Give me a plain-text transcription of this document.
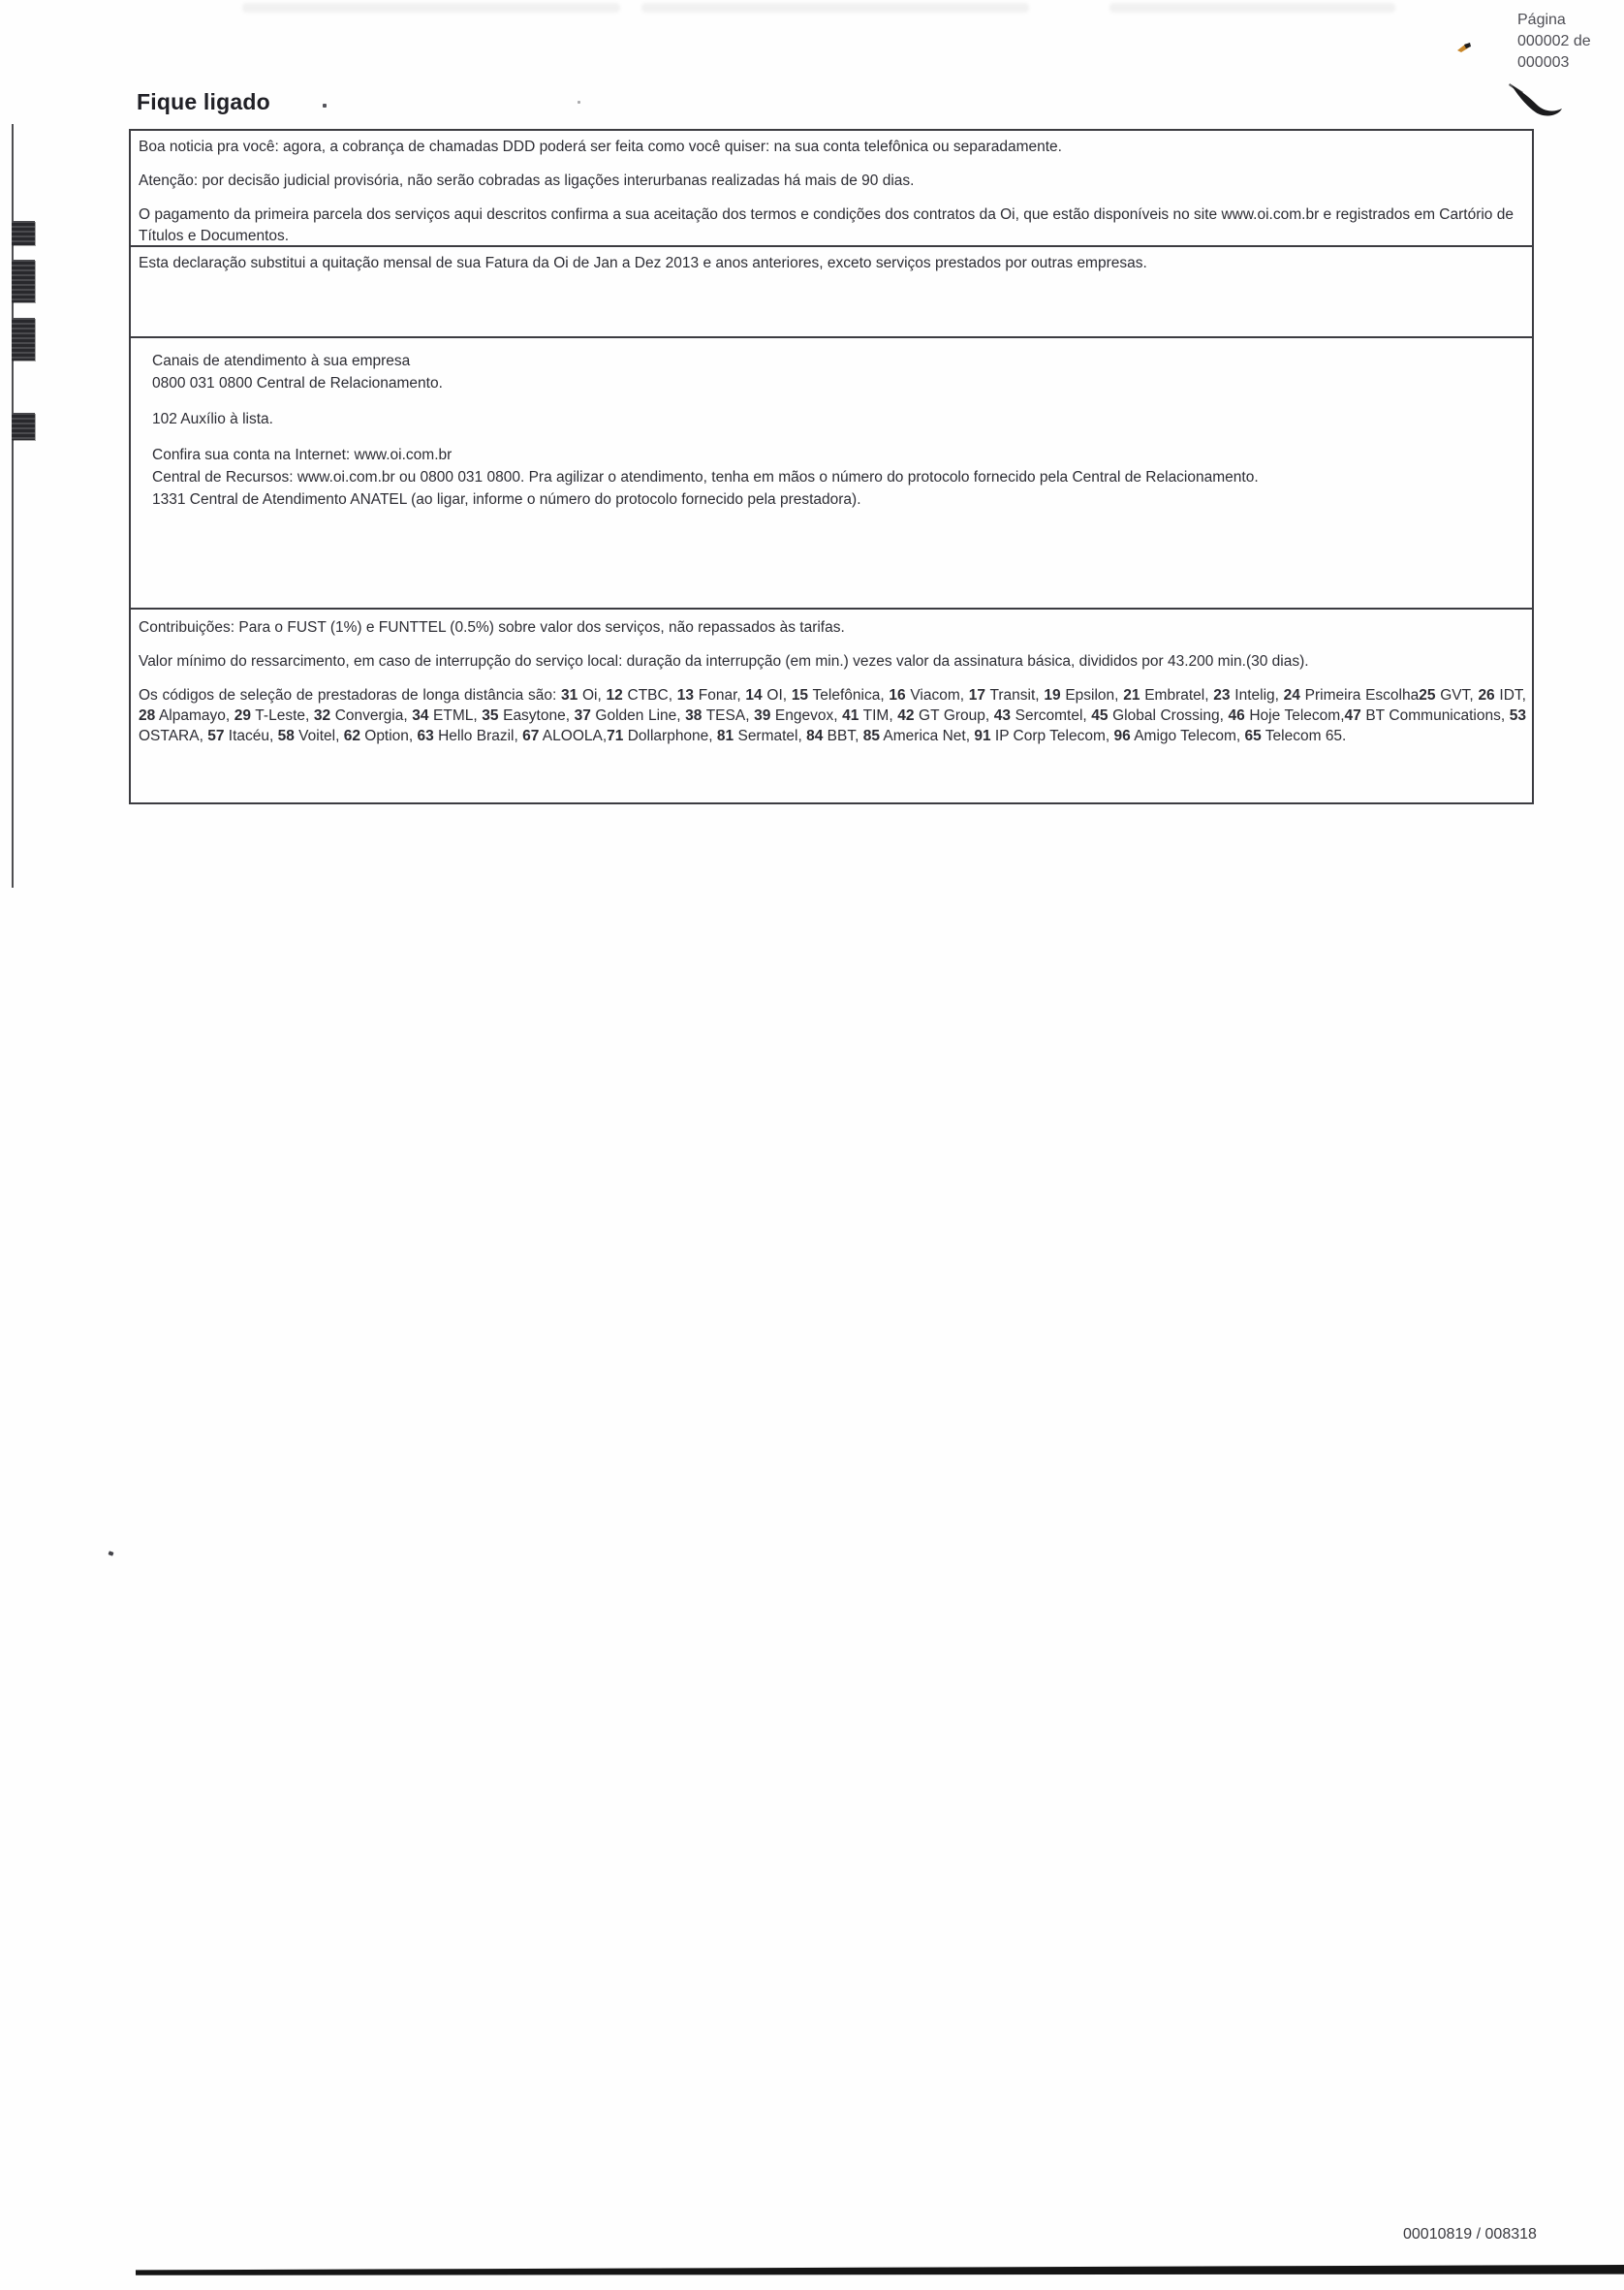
Página

000002 de

000003

Fique ligado

Boa noticia pra você: agora, a cobrança de chamadas DDD poderá ser feita como você quiser: na sua conta telefônica ou separadamente.

Atenção: por decisão judicial provisória, não serão cobradas as ligações interurbanas realizadas há mais de 90 dias.

O pagamento da primeira parcela dos serviços aqui descritos confirma a sua aceitação dos termos e condições dos contratos da Oi, que estão disponíveis no site www.oi.com.br e registrados em Cartório de Títulos e Documentos.

Esta declaração substitui a quitação mensal de sua Fatura da Oi de Jan a Dez 2013 e anos anteriores, exceto serviços prestados por outras empresas.

Canais de atendimento à sua empresa

0800 031 0800 Central de Relacionamento.

102 Auxílio à lista.

Confira sua conta na Internet: www.oi.com.br

Central de Recursos: www.oi.com.br ou 0800 031 0800. Pra agilizar o atendimento, tenha em mãos o número do protocolo fornecido pela Central de Relacionamento.

1331 Central de Atendimento ANATEL (ao ligar, informe o número do protocolo fornecido pela prestadora).

Contribuições: Para o FUST (1%) e FUNTTEL (0.5%) sobre valor dos serviços, não repassados às tarifas.

Valor mínimo do ressarcimento, em caso de interrupção do serviço local: duração da interrupção (em min.) vezes valor da assinatura básica, divididos por 43.200 min.(30 dias).

Os códigos de seleção de prestadoras de longa distância são: 31 Oi, 12 CTBC, 13 Fonar, 14 OI, 15 Telefônica, 16 Viacom, 17 Transit, 19 Epsilon, 21 Embratel, 23 Intelig, 24 Primeira Escolha25 GVT, 26 IDT, 28 Alpamayo, 29 T-Leste, 32 Convergia, 34 ETML, 35 Easytone, 37 Golden Line, 38 TESA, 39 Engevox, 41 TIM, 42 GT Group, 43 Sercomtel, 45 Global Crossing, 46 Hoje Telecom,47 BT Communications, 53 OSTARA, 57 Itacéu, 58 Voitel, 62 Option, 63 Hello Brazil, 67 ALOOLA,71 Dollarphone, 81 Sermatel, 84 BBT, 85 America Net, 91 IP Corp Telecom, 96 Amigo Telecom, 65 Telecom 65.

00010819 / 008318
